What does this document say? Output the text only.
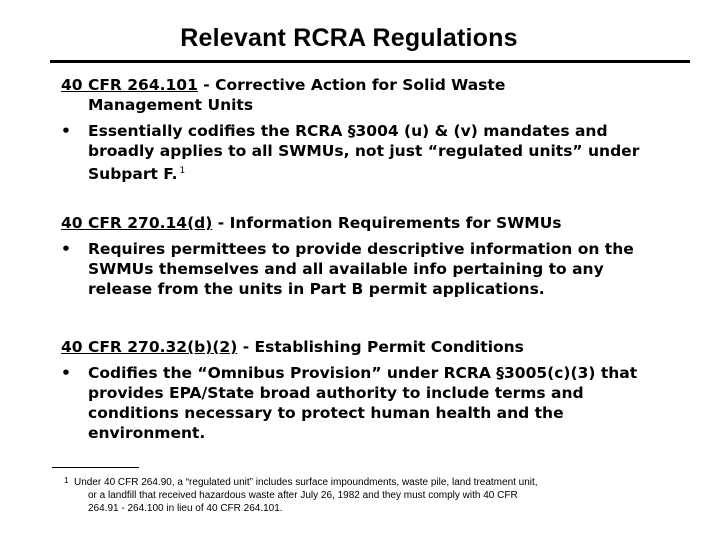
Relevant RCRA Regulations
40 CFR 264.101 - Corrective Action for Solid Waste
Management Units
•	Essentially codifies the RCRA §3004 (u) & (v) mandates and broadly applies to all SWMUs, not just “regulated units” under Subpart F. $^1$
40 CFR 270.14(d) - Information Requirements for SWMUs
•	Requires permittees to provide descriptive information on the SWMUs themselves and all available info pertaining to any release from the units in Part B permit applications.
40 CFR 270.32(b)(2) - Establishing Permit Conditions
•	Codifies the “Omnibus Provision” under RCRA §3005(c)(3) that provides EPA/State broad authority to include terms and conditions necessary to protect human health and the environment.
1 Under 40 CFR 264.90, a “regulated unit” includes surface impoundments, waste pile, land treatment unit,
or a landfill that received hazardous waste after July 26, 1982 and they must comply with 40 CFR
264.91 - 264.100 in lieu of 40 CFR 264.101.
